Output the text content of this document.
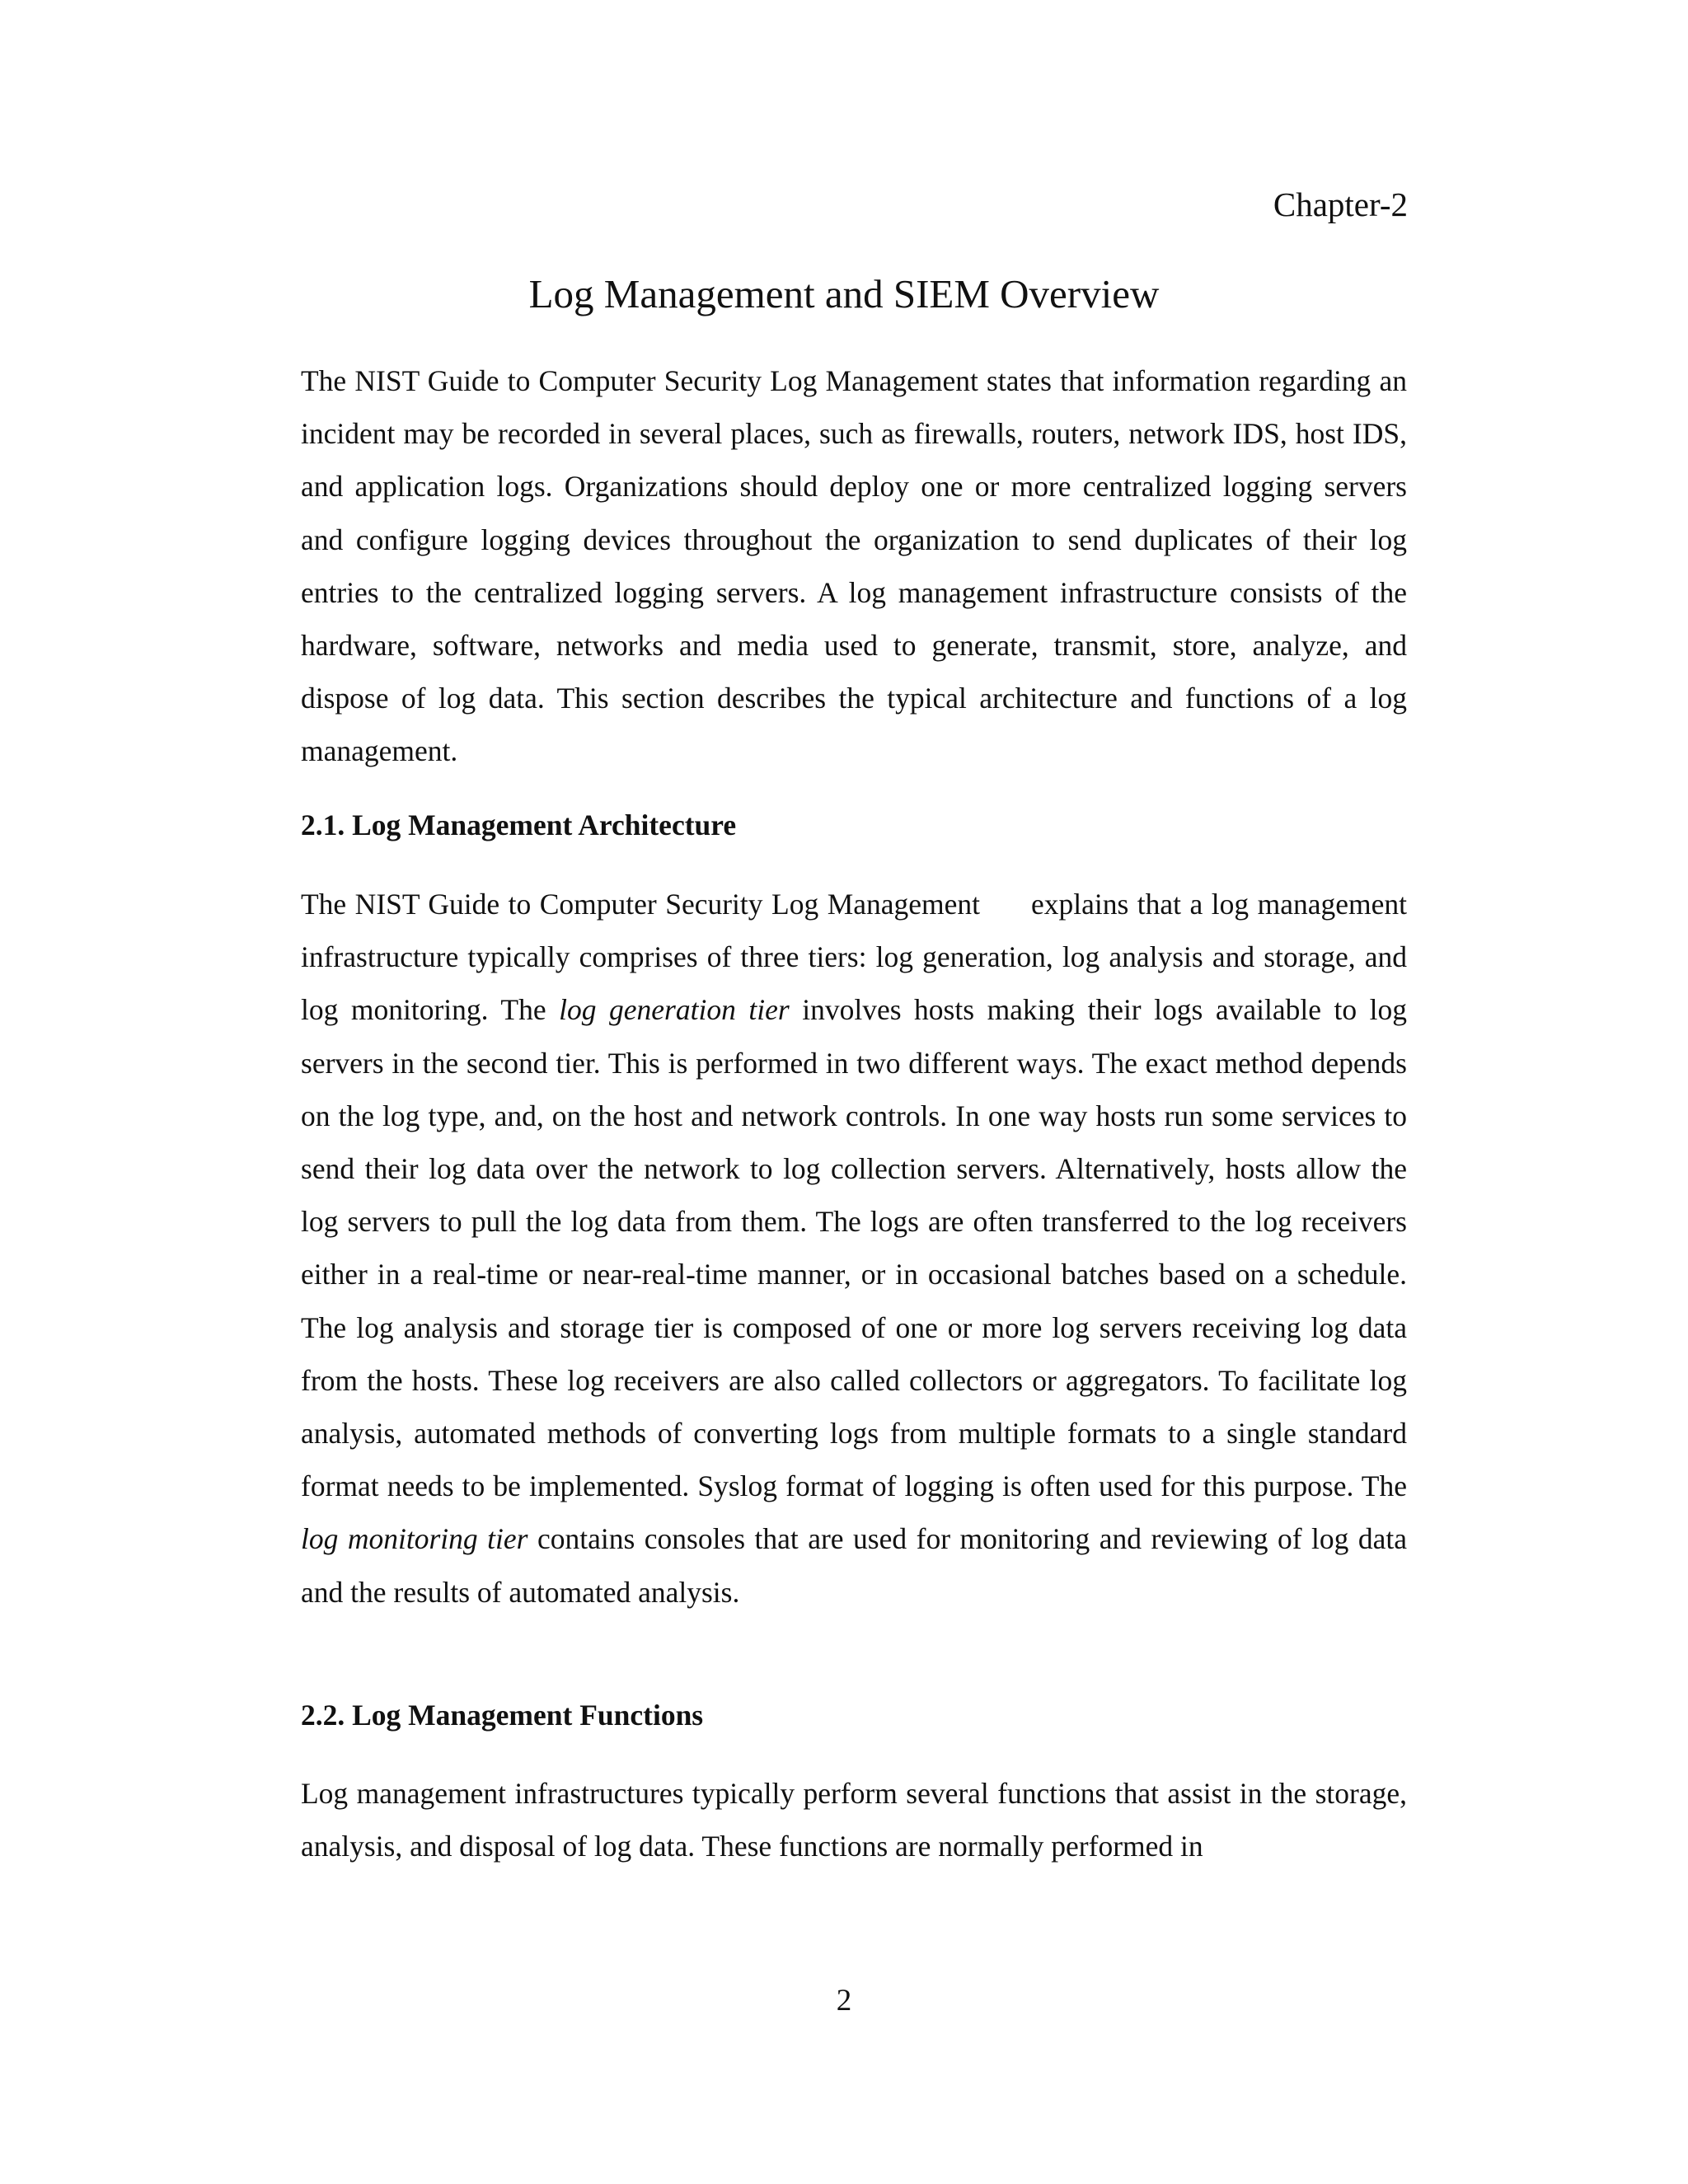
Chapter-2

Log Management and SIEM Overview

The NIST Guide to Computer Security Log Management states that information regarding an incident may be recorded in several places, such as firewalls, routers, network IDS, host IDS, and application logs. Organizations should deploy one or more centralized logging servers and configure logging devices throughout the organization to send duplicates of their log entries to the centralized logging servers. A log management infrastructure consists of the hardware, software, networks and media used to generate, transmit, store, analyze, and dispose of log data. This section describes the typical architecture and functions of a log management.

2.1. Log Management Architecture

The NIST Guide to Computer Security Log Management explains that a log management infrastructure typically comprises of three tiers: log generation, log analysis and storage, and log monitoring. The log generation tier involves hosts making their logs available to log servers in the second tier. This is performed in two different ways. The exact method depends on the log type, and, on the host and network controls. In one way hosts run some services to send their log data over the network to log collection servers. Alternatively, hosts allow the log servers to pull the log data from them. The logs are often transferred to the log receivers either in a real-time or near-real-time manner, or in occasional batches based on a schedule. The log analysis and storage tier is composed of one or more log servers receiving log data from the hosts. These log receivers are also called collectors or aggregators. To facilitate log analysis, automated methods of converting logs from multiple formats to a single standard format needs to be implemented. Syslog format of logging is often used for this purpose. The log monitoring tier contains consoles that are used for monitoring and reviewing of log data and the results of automated analysis.

2.2. Log Management Functions

Log management infrastructures typically perform several functions that assist in the storage, analysis, and disposal of log data. These functions are normally performed in

2
